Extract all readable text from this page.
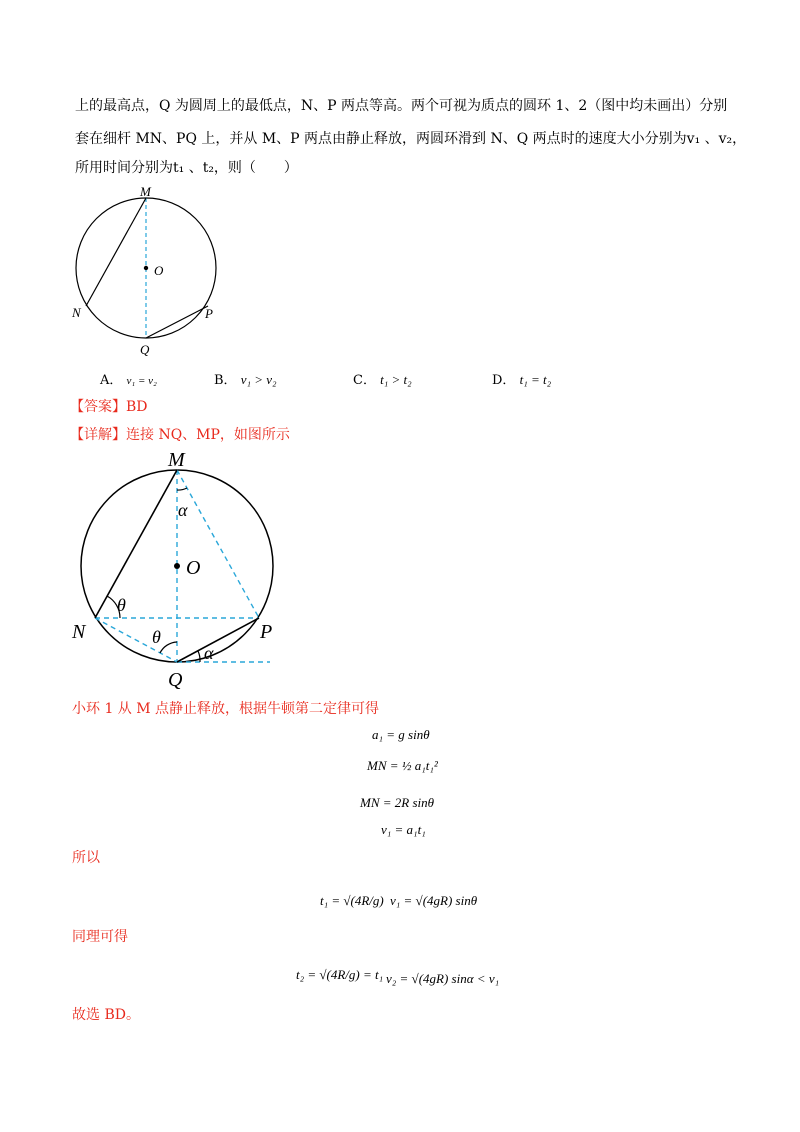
上的最高点，Q 为圆周上的最低点，N、P 两点等高。两个可视为质点的圆环 1、2（图中均未画出）分别
套在细杆 MN、PQ 上，并从 M、P 两点由静止释放，两圆环滑到 N、Q 两点时的速度大小分别为v₁ 、v₂，
所用时间分别为t₁ 、t₂，则（　　）
M
O
N	P
Q
A． v₁ = v₂	B． v₁ > v₂	C． t₁ > t₂	D． t₁ = t₂
【答案】BD
【详解】连接 NQ、MP，如图所示
M
O
N	P
Q
α
θ
θ
α
小环 1 从 M 点静止释放，根据牛顿第二定律可得
a₁ = g sinθ
MN = ½ a₁t₁²
MN = 2R sinθ
v₁ = a₁t₁
所以
t₁ = √(4R/g) v₁ = √(4gR) sinθ
同理可得
t₂ = √(4R/g) = t₁ v₂ = √(4gR) sinα < v₁
故选 BD。
